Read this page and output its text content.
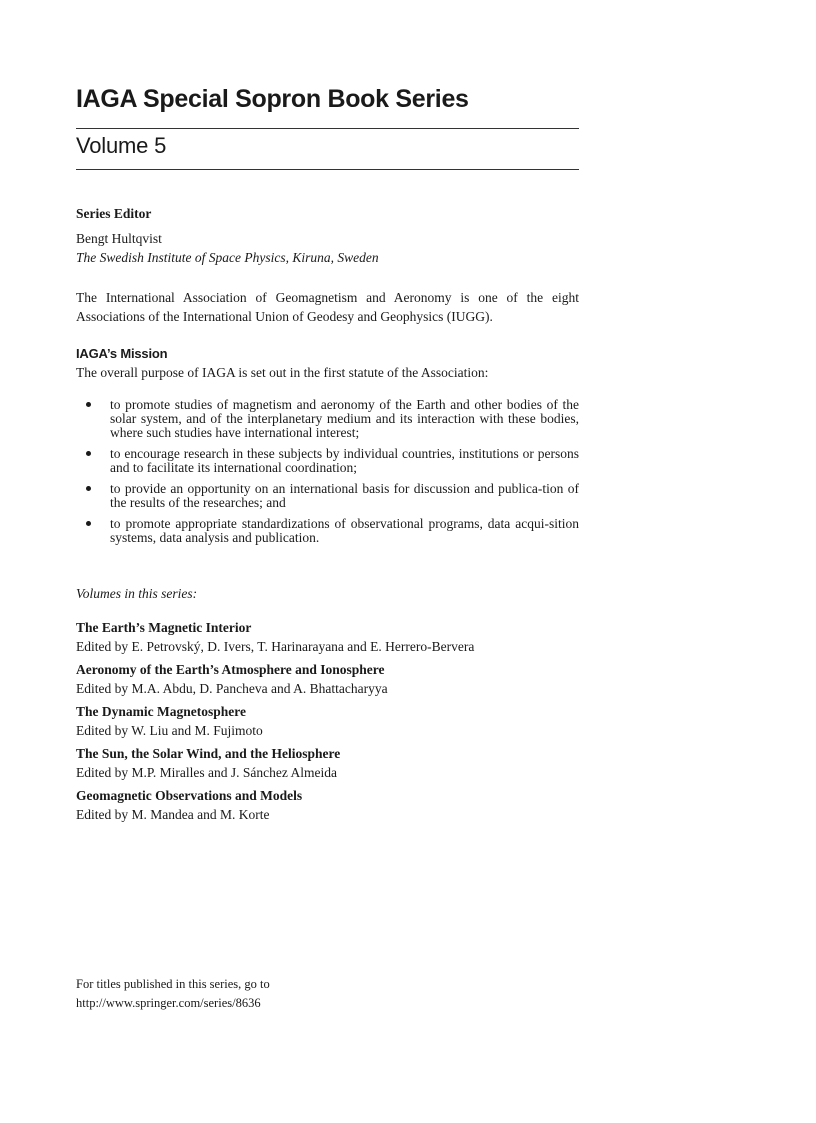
IAGA Special Sopron Book Series
Volume 5
Series Editor
Bengt Hultqvist
The Swedish Institute of Space Physics, Kiruna, Sweden
The International Association of Geomagnetism and Aeronomy is one of the eight Associations of the International Union of Geodesy and Geophysics (IUGG).
IAGA’s Mission
The overall purpose of IAGA is set out in the first statute of the Association:
to promote studies of magnetism and aeronomy of the Earth and other bodies of the solar system, and of the interplanetary medium and its interaction with these bodies, where such studies have international interest;
to encourage research in these subjects by individual countries, institutions or persons and to facilitate its international coordination;
to provide an opportunity on an international basis for discussion and publica-tion of the results of the researches; and
to promote appropriate standardizations of observational programs, data acqui-sition systems, data analysis and publication.
Volumes in this series:
The Earth’s Magnetic Interior
Edited by E. Petrovský, D. Ivers, T. Harinarayana and E. Herrero-Bervera
Aeronomy of the Earth’s Atmosphere and Ionosphere
Edited by M.A. Abdu, D. Pancheva and A. Bhattacharyya
The Dynamic Magnetosphere
Edited by W. Liu and M. Fujimoto
The Sun, the Solar Wind, and the Heliosphere
Edited by M.P. Miralles and J. Sánchez Almeida
Geomagnetic Observations and Models
Edited by M. Mandea and M. Korte
For titles published in this series, go to
http://www.springer.com/series/8636
